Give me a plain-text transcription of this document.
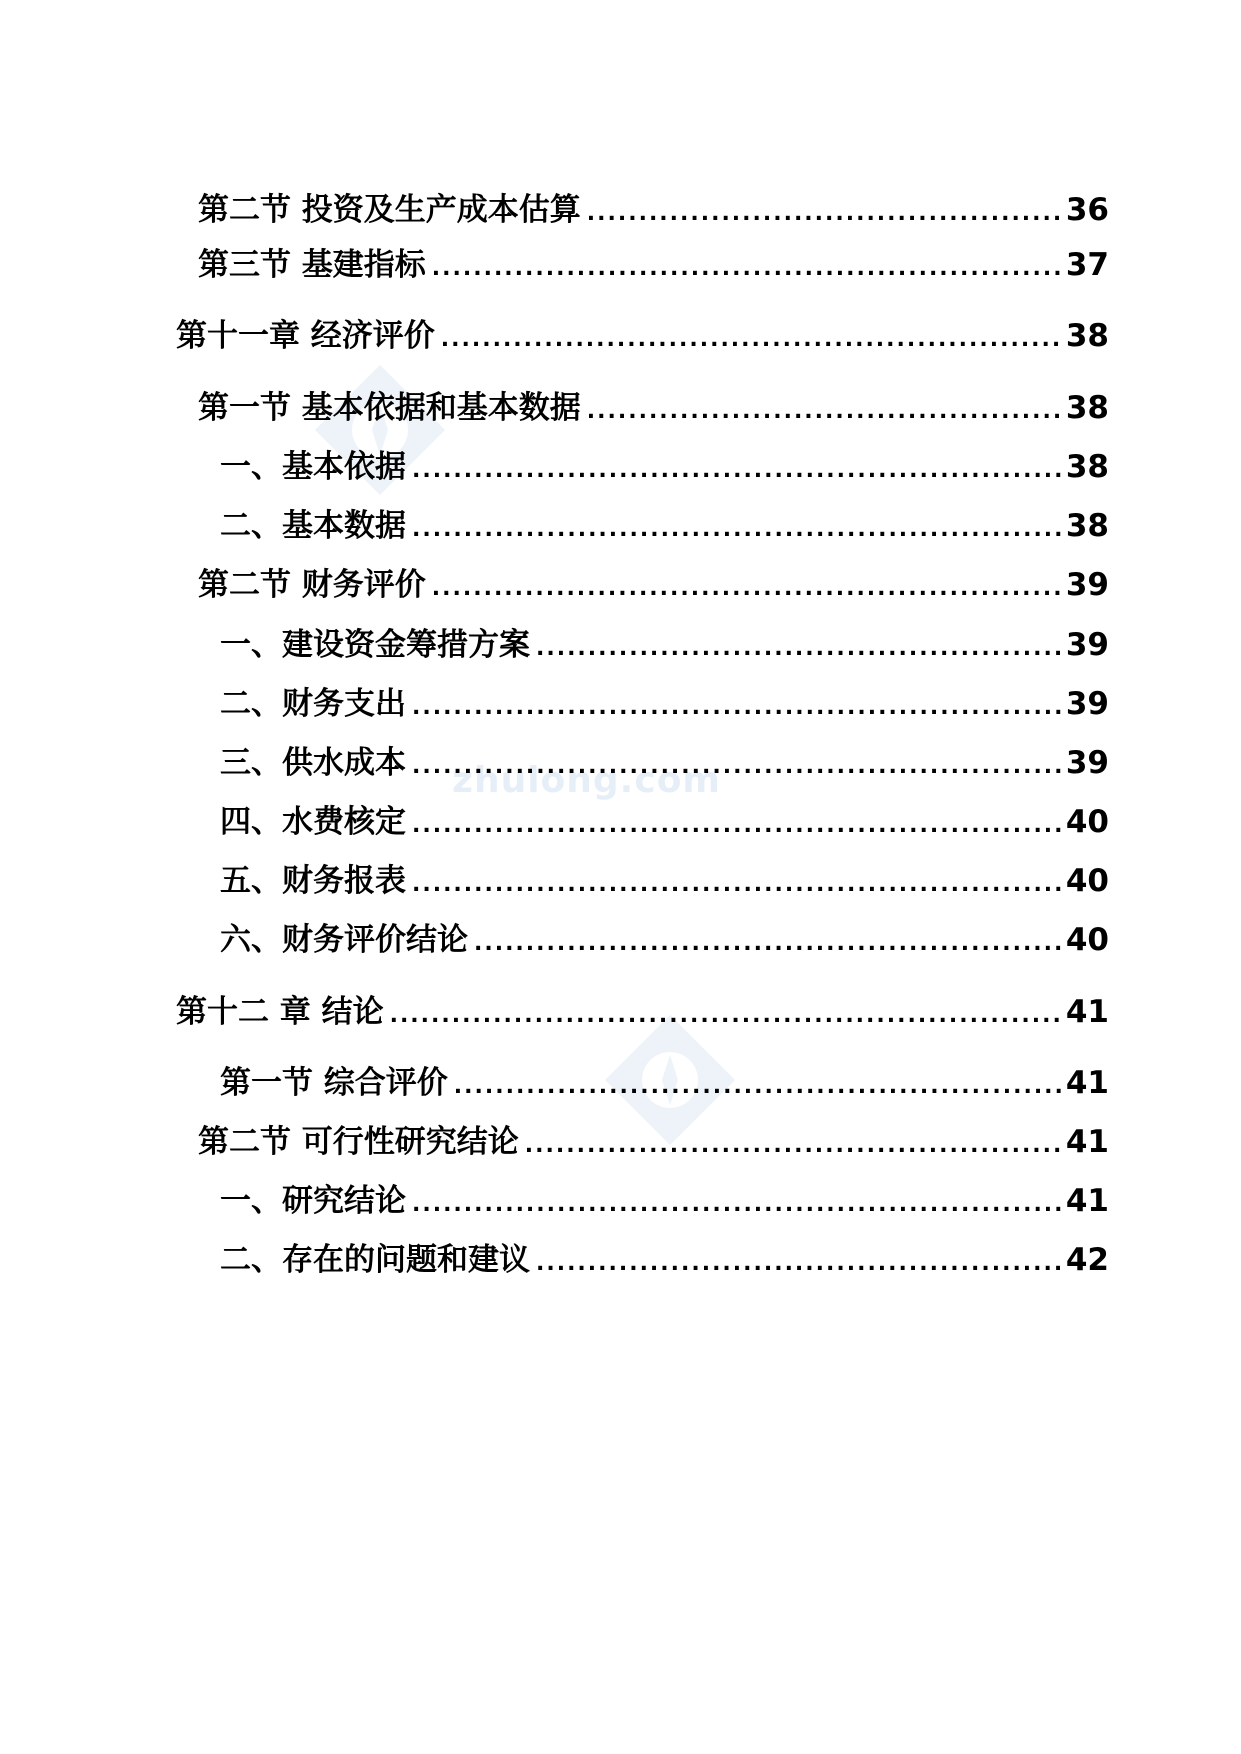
zhulong.com
第二节 投资及生产成本估算 .....	36
第三节 基建指标 .....	37
第十一章 经济评价 .....	38
第一节 基本依据和基本数据 .....	38
一、基本依据 .....	38
二、基本数据 .....	38
第二节 财务评价 .....	39
一、建设资金筹措方案 .....	39
二、财务支出 .....	39
三、供水成本 .....	39
四、水费核定 .....	40
五、财务报表 .....	40
六、财务评价结论 .....	40
第十二 章 结论 .....	41
第一节 综合评价 .....	41
第二节 可行性研究结论 .....	41
一、研究结论 .....	41
二、存在的问题和建议 .....	42
